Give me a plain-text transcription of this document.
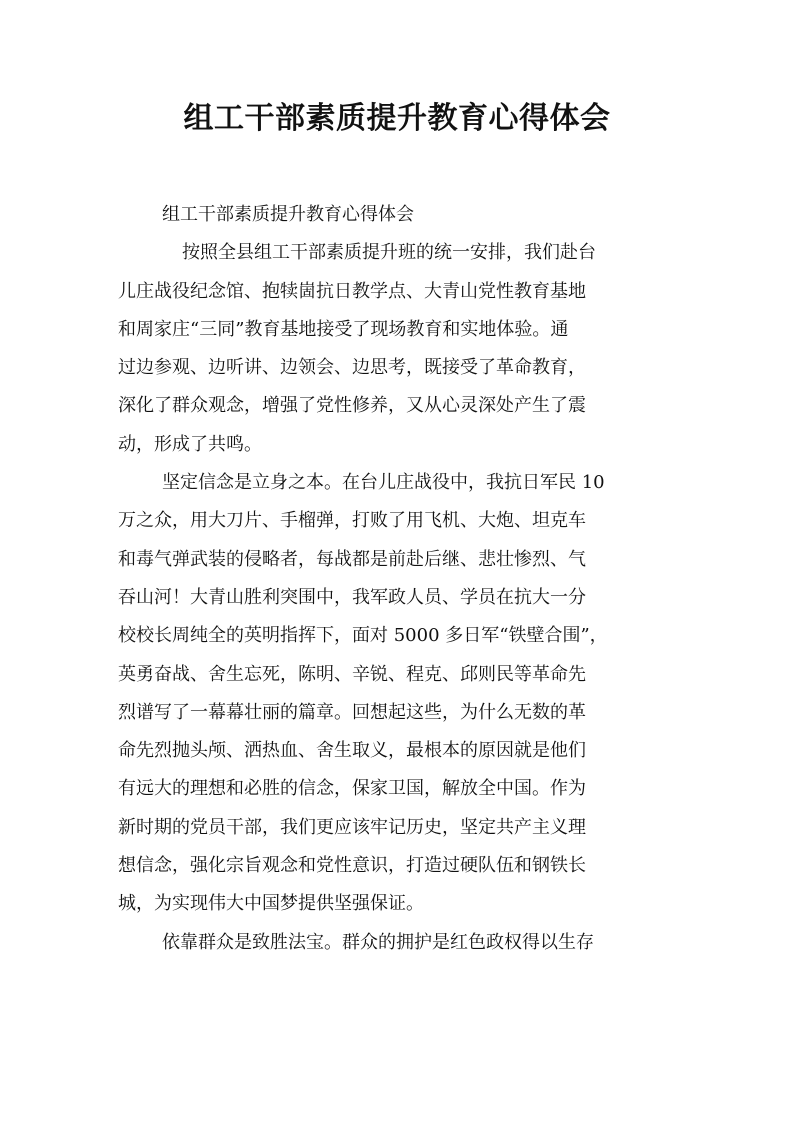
组工干部素质提升教育心得体会
组工干部素质提升教育心得体会
按照全县组工干部素质提升班的统一安排，我们赴台
儿庄战役纪念馆、抱犊崮抗日教学点、大青山党性教育基地
和周家庄“三同”教育基地接受了现场教育和实地体验。通
过边参观、边听讲、边领会、边思考，既接受了革命教育，
深化了群众观念，增强了党性修养，又从心灵深处产生了震
动，形成了共鸣。
坚定信念是立身之本。在台儿庄战役中，我抗日军民 10
万之众，用大刀片、手榴弹，打败了用飞机、大炮、坦克车
和毒气弹武装的侵略者，每战都是前赴后继、悲壮惨烈、气
吞山河！大青山胜利突围中，我军政人员、学员在抗大一分
校校长周纯全的英明指挥下，面对 5000 多日军“铁壁合围”，
英勇奋战、舍生忘死，陈明、辛锐、程克、邱则民等革命先
烈谱写了一幕幕壮丽的篇章。回想起这些，为什么无数的革
命先烈抛头颅、洒热血、舍生取义，最根本的原因就是他们
有远大的理想和必胜的信念，保家卫国，解放全中国。作为
新时期的党员干部，我们更应该牢记历史，坚定共产主义理
想信念，强化宗旨观念和党性意识，打造过硬队伍和钢铁长
城，为实现伟大中国梦提供坚强保证。
依靠群众是致胜法宝。群众的拥护是红色政权得以生存
